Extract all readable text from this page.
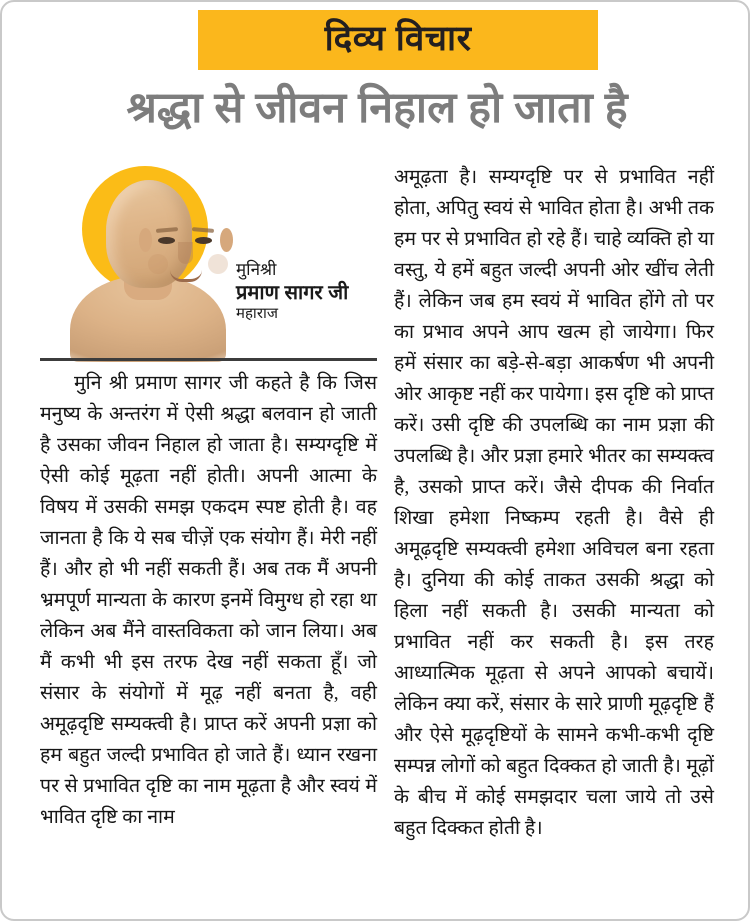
दिव्य विचार
श्रद्धा से जीवन निहाल हो जाता है
मुनिश्री
प्रमाण सागर जी
महाराज

मुनि श्री प्रमाण सागर जी कहते है कि जिस मनुष्य के अन्तरंग में ऐसी श्रद्धा बलवान हो जाती है उसका जीवन निहाल हो जाता है। सम्यग्दृष्टि में ऐसी कोई मूढ़ता नहीं होती। अपनी आत्मा के विषय में उसकी समझ एकदम स्पष्ट होती है। वह जानता है कि ये सब चीज़ें एक संयोग हैं। मेरी नहीं हैं। और हो भी नहीं सकती हैं। अब तक मैं अपनी भ्रमपूर्ण मान्यता के कारण इनमें विमुग्ध हो रहा था लेकिन अब मैंने वास्तविकता को जान लिया। अब मैं कभी भी इस तरफ देख नहीं सकता हूँ। जो संसार के संयोगों में मूढ़ नहीं बनता है, वही अमूढ़दृष्टि सम्यक्त्वी है। प्राप्त करें अपनी प्रज्ञा को हम बहुत जल्दी प्रभावित हो जाते हैं। ध्यान रखना पर से प्रभावित दृष्टि का नाम मूढ़ता है और स्वयं में भावित दृष्टि का नाम

अमूढ़ता है। सम्यग्दृष्टि पर से प्रभावित नहीं होता, अपितु स्वयं से भावित होता है। अभी तक हम पर से प्रभावित हो रहे हैं। चाहे व्यक्ति हो या वस्तु, ये हमें बहुत जल्दी अपनी ओर खींच लेती हैं। लेकिन जब हम स्वयं में भावित होंगे तो पर का प्रभाव अपने आप खत्म हो जायेगा। फिर हमें संसार का बड़े-से-बड़ा आकर्षण भी अपनी ओर आकृष्ट नहीं कर पायेगा। इस दृष्टि को प्राप्त करें। उसी दृष्टि की उपलब्धि का नाम प्रज्ञा की उपलब्धि है। और प्रज्ञा हमारे भीतर का सम्यक्त्व है, उसको प्राप्त करें। जैसे दीपक की निर्वात शिखा हमेशा निष्कम्प रहती है। वैसे ही अमूढ़दृष्टि सम्यक्त्वी हमेशा अविचल बना रहता है। दुनिया की कोई ताकत उसकी श्रद्धा को हिला नहीं सकती है। उसकी मान्यता को प्रभावित नहीं कर सकती है। इस तरह आध्यात्मिक मूढ़ता से अपने आपको बचायें। लेकिन क्या करें, संसार के सारे प्राणी मूढ़दृष्टि हैं और ऐसे मूढ़दृष्टियों के सामने कभी-कभी दृष्टि सम्पन्न लोगों को बहुत दिक्कत हो जाती है। मूढ़ों के बीच में कोई समझदार चला जाये तो उसे बहुत दिक्कत होती है।
